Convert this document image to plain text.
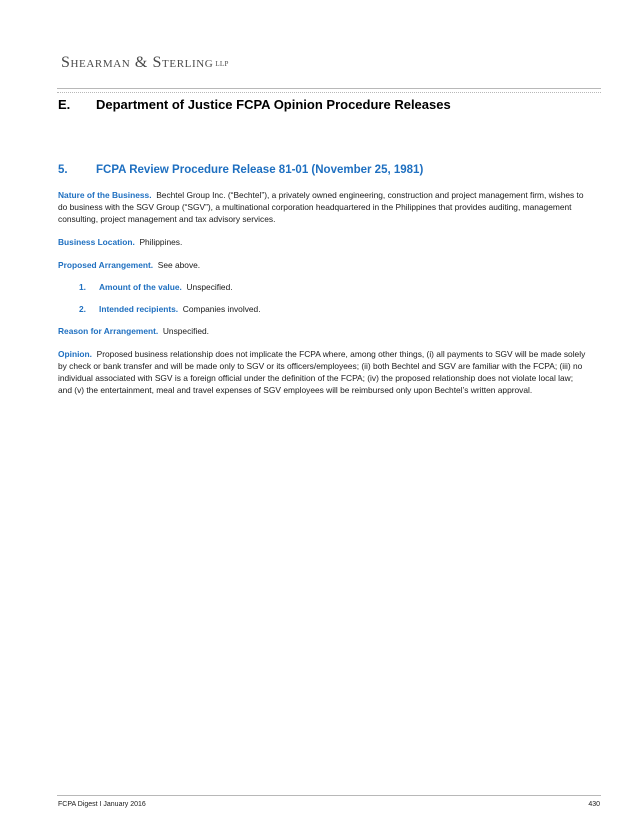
Shearman & Sterling LLP
E. Department of Justice FCPA Opinion Procedure Releases
5. FCPA Review Procedure Release 81-01 (November 25, 1981)
Nature of the Business. Bechtel Group Inc. (“Bechtel”), a privately owned engineering, construction and project management firm, wishes to do business with the SGV Group (“SGV”), a multinational corporation headquartered in the Philippines that provides auditing, management consulting, project management and tax advisory services.
Business Location. Philippines.
Proposed Arrangement. See above.
1. Amount of the value. Unspecified.
2. Intended recipients. Companies involved.
Reason for Arrangement. Unspecified.
Opinion. Proposed business relationship does not implicate the FCPA where, among other things, (i) all payments to SGV will be made solely by check or bank transfer and will be made only to SGV or its officers/employees; (ii) both Bechtel and SGV are familiar with the FCPA; (iii) no individual associated with SGV is a foreign official under the definition of the FCPA; (iv) the proposed relationship does not violate local law; and (v) the entertainment, meal and travel expenses of SGV employees will be reimbursed only upon Bechtel’s written approval.
FCPA Digest I January 2016	430
